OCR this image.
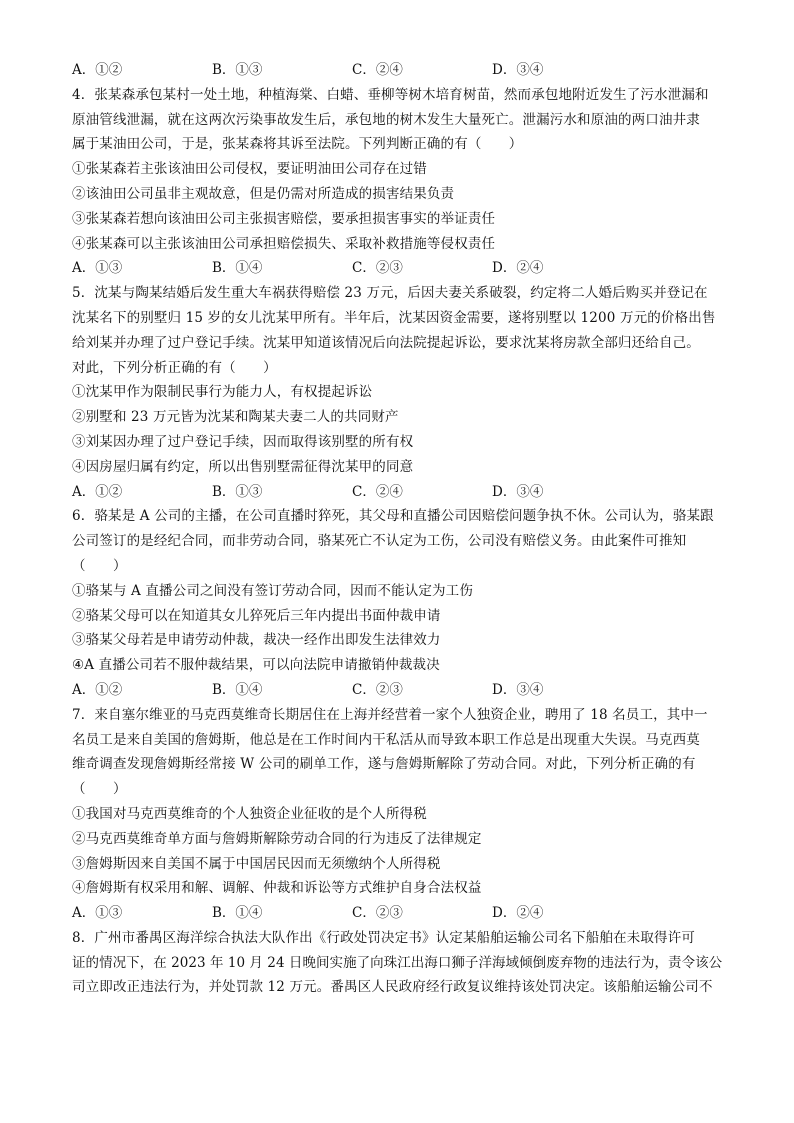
A．①②	B．①③	C．②④	D．③④
4．张某森承包某村一处土地，种植海棠、白蜡、垂柳等树木培育树苗，然而承包地附近发生了污水泄漏和
原油管线泄漏，就在这两次污染事故发生后，承包地的树木发生大量死亡。泄漏污水和原油的两口油井隶
属于某油田公司，于是，张某森将其诉至法院。下列判断正确的有（　　）
①张某森若主张该油田公司侵权，要证明油田公司存在过错
②该油田公司虽非主观故意，但是仍需对所造成的损害结果负责
③张某森若想向该油田公司主张损害赔偿，要承担损害事实的举证责任
④张某森可以主张该油田公司承担赔偿损失、采取补救措施等侵权责任
A．①③	B．①④	C．②③	D．②④
5．沈某与陶某结婚后发生重大车祸获得赔偿 23 万元，后因夫妻关系破裂，约定将二人婚后购买并登记在
沈某名下的别墅归 15 岁的女儿沈某甲所有。半年后，沈某因资金需要，遂将别墅以 1200 万元的价格出售
给刘某并办理了过户登记手续。沈某甲知道该情况后向法院提起诉讼，要求沈某将房款全部归还给自己。
对此，下列分析正确的有（　　）
①沈某甲作为限制民事行为能力人，有权提起诉讼
②别墅和 23 万元皆为沈某和陶某夫妻二人的共同财产
③刘某因办理了过户登记手续，因而取得该别墅的所有权
④因房屋归属有约定，所以出售别墅需征得沈某甲的同意
A．①②	B．①③	C．②④	D．③④
6．骆某是 A 公司的主播，在公司直播时猝死，其父母和直播公司因赔偿问题争执不休。公司认为，骆某跟
公司签订的是经纪合同，而非劳动合同，骆某死亡不认定为工伤，公司没有赔偿义务。由此案件可推知
（　　）
①骆某与 A 直播公司之间没有签订劳动合同，因而不能认定为工伤
②骆某父母可以在知道其女儿猝死后三年内提出书面仲裁申请
③骆某父母若是申请劳动仲裁，裁决一经作出即发生法律效力
④A 直播公司若不服仲裁结果，可以向法院申请撤销仲裁裁决
A．①②	B．①④	C．②③	D．③④
7．来自塞尔维亚的马克西莫维奇长期居住在上海并经营着一家个人独资企业，聘用了 18 名员工，其中一
名员工是来自美国的詹姆斯，他总是在工作时间内干私活从而导致本职工作总是出现重大失误。马克西莫
维奇调查发现詹姆斯经常接 W 公司的刷单工作，遂与詹姆斯解除了劳动合同。对此，下列分析正确的有
（　　）
①我国对马克西莫维奇的个人独资企业征收的是个人所得税
②马克西莫维奇单方面与詹姆斯解除劳动合同的行为违反了法律规定
③詹姆斯因来自美国不属于中国居民因而无须缴纳个人所得税
④詹姆斯有权采用和解、调解、仲裁和诉讼等方式维护自身合法权益
A．①③	B．①④	C．②③	D．②④
8．广州市番禺区海洋综合执法大队作出《行政处罚决定书》认定某船舶运输公司名下船舶在未取得许可
证的情况下，在 2023 年 10 月 24 日晚间实施了向珠江出海口狮子洋海域倾倒废弃物的违法行为，责令该公
司立即改正违法行为，并处罚款 12 万元。番禺区人民政府经行政复议维持该处罚决定。该船舶运输公司不
